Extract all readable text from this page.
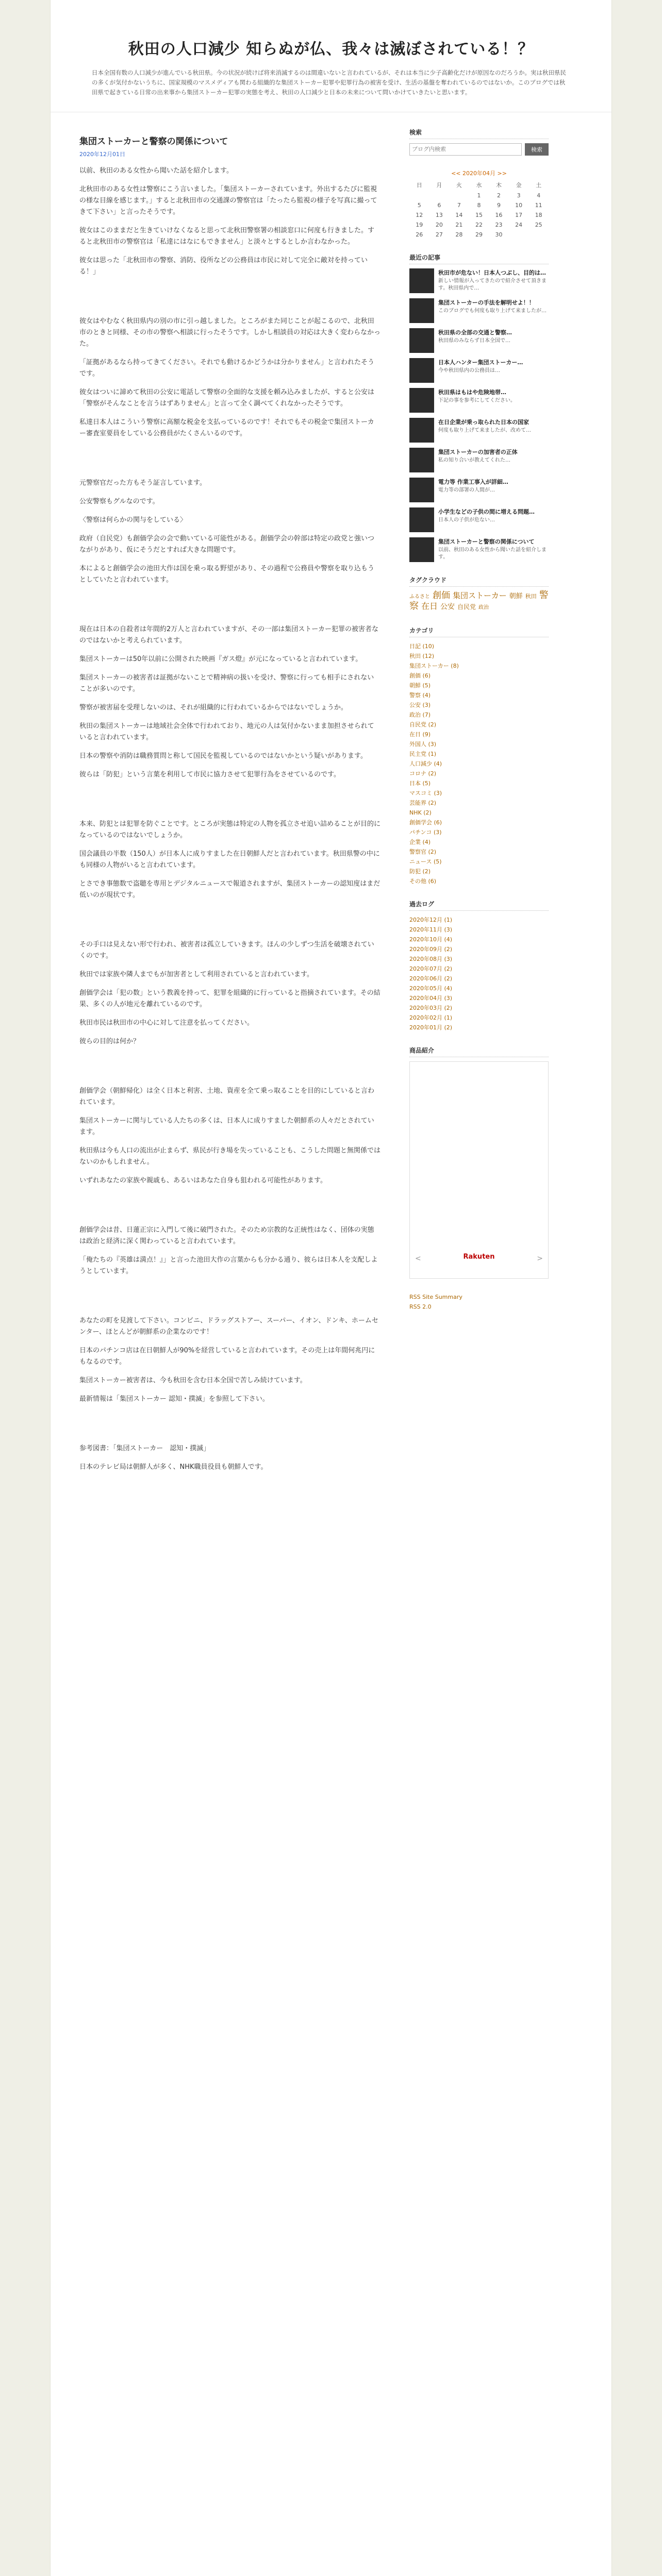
秋田の人口減少 知らぬが仏、我々は滅ぼされている！？

日本全国有数の人口減少が進んでいる秋田県。今の状況が続けば将来消滅するのは間違いないと言われているが、それは本当に少子高齢化だけが原因なのだろうか。実は秋田県民の多くが気付かないうちに、国家規模のマスメディアも関わる組織的な集団ストーカー犯罪や犯罪行為の被害を受け、生活の基盤を奪われているのではないか。このブログでは秋田県で起きている日常の出来事から集団ストーカー犯罪の実態を考え、秋田の人口減少と日本の未来について問いかけていきたいと思います。

集団ストーカーと警察の関係について
2020年12月01日

以前、秋田のある女性から聞いた話を紹介します。

北秋田市のある女性は警察にこう言いました。「集団ストーカーされています。外出するたびに監視の様な目線を感じます。」すると北秋田市の交通課の警察官は「たったら監視の様子を写真に撮ってきて下さい」と言ったそうです。

彼女はこのままだと生きていけなくなると思って北秋田警察署の相談窓口に何度も行きました。すると北秋田市の警察官は「私達にはなにもできません」と淡々とするとしか言わなかった。

彼女は思った「北秋田市の警察、消防、役所などの公務員は市民に対して完全に敵対を持っている！」

彼女はやむなく秋田県内の別の市に引っ越しました。ところがまた同じことが起こるので、北秋田市のときと同様、その市の警察へ相談に行ったそうです。しかし相談員の対応は大きく変わらなかった。

「証拠があるなら持ってきてください。それでも動けるかどうかは分かりません」と言われたそうです。

彼女はついに諦めて秋田の公安に電話して警察の全面的な支援を頼み込みましたが、すると公安は「警察がそんなことを言うはずありません」と言って全く調べてくれなかったそうです。

私達日本人はこういう警察に高額な税金を支払っているのです！それでもその税金で集団ストーカー審査室要員をしている公務員がたくさんいるのです。

元警察官だった方もそう証言しています。

公安警察もグルなのです。

〈警察は何らかの関与をしている〉

政府（自民党）も創価学会の会で動いている可能性がある。創価学会の幹部は特定の政党と強いつながりがあり、仮にそうだとすれば大きな問題です。

本によると創価学会の池田大作は国を乗っ取る野望があり、その過程で公務員や警察を取り込もうとしていたと言われています。

現在は日本の自殺者は年間約2万人と言われていますが、その一部は集団ストーカー犯罪の被害者なのではないかと考えられています。

集団ストーカーは50年以前に公開された映画『ガス燈』が元になっていると言われています。

集団ストーカーの被害者は証拠がないことで精神病の扱いを受け、警察に行っても相手にされないことが多いのです。

警察が被害届を受理しないのは、それが組織的に行われているからではないでしょうか。

秋田の集団ストーカーは地域社会全体で行われており、地元の人は気付かないまま加担させられていると言われています。

日本の警察や消防は職務質問と称して国民を監視しているのではないかという疑いがあります。

彼らは「防犯」という言葉を利用して市民に協力させて犯罪行為をさせているのです。

本来、防犯とは犯罪を防ぐことです。ところが実態は特定の人物を孤立させ追い詰めることが目的になっているのではないでしょうか。

国会議員の半数（150人）が日本人に成りすました在日朝鮮人だと言われています。秋田県警の中にも同様の人物がいると言われています。

とさでき事態数で盗聴を専用とデジタルニュースで報道されますが、集団ストーカーの認知度はまだ低いのが現状です。

その手口は見えない形で行われ、被害者は孤立していきます。ほんの少しずつ生活を破壊されていくのです。

秋田では家族や隣人までもが加害者として利用されていると言われています。

創価学会は「犯の数」という教義を持って、犯罪を組織的に行っていると指摘されています。その結果、多くの人が地元を離れているのです。

秋田市民は秋田市の中心に対して注意を払ってください。

彼らの目的は何か？

創価学会（朝鮮帰化）は全く日本と利害、土地、資産を全て乗っ取ることを目的にしていると言われています。

集団ストーカーに関与している人たちの多くは、日本人に成りすました朝鮮系の人々だとされています。

秋田県は今も人口の流出が止まらず、県民が行き場を失っていることも、こうした問題と無関係ではないのかもしれません。

いずれあなたの家族や親戚も、あるいはあなた自身も狙われる可能性があります。

創価学会は昔、日蓮正宗に入門して後に破門された。そのため宗教的な正統性はなく、団体の実態は政治と経済に深く関わっていると言われています。

「俺たちの『英雄は満点！』」と言った池田大作の言葉からも分かる通り、彼らは日本人を支配しようとしています。

あなたの町を見渡して下さい。コンビニ、ドラッグストアー、スーパー、イオン、ドンキ、ホームセンター、ほとんどが朝鮮系の企業なのです！

日本のパチンコ店は在日朝鮮人が90%を経営していると言われています。その売上は年間何兆円にもなるのです。

集団ストーカー被害者は、今も秋田を含む日本全国で苦しみ続けています。

最新情報は「集団ストーカー 認知・撲滅」を参照して下さい。

参考図書：「集団ストーカー　認知・撲滅」

日本のテレビ局は朝鮮人が多く、NHK職員役員も朝鮮人です。

検索
ブログ内検索
検索
<< 2020年04月 >>
日	月	火	水	木	金	土
			1	2	3	4
5	6	7	8	9	10	11
12	13	14	15	16	17	18
19	20	21	22	23	24	25
26	27	28	29	30		
最近の記事
秋田市が危ない！日本人つぶし、目的は…
新しい情報が入ってきたので紹介させて頂きます。秋田県内で…
集団ストーカーの手法を解明せよ！！
このブログでも何度も取り上げて来ましたが…
秋田県の全部の交通と警察…
秋田県のみならず日本全国で…
日本人ハンター集団ストーカー…
今や秋田県内の公務員は…
秋田県はもはや危険地帯…
下記の事を参考にしてください。
在日企業が乗っ取られた日本の国家
何度も取り上げて来ましたが、改めて…
集団ストーカーの加害者の正体
私の知り合いが教えてくれた…
電力等 作業工事入が詳細…
電力等の部署の人間が…
小学生などの子供の間に増える問題…
日本人の子供が危ない…
集団ストーカーと警察の関係について
以前、秋田のある女性から聞いた話を紹介します。
タグクラウド
ふるさと 創価 集団ストーカー 朝鮮 秋田 警察 在日 公安 自民党 政治
カテゴリ
日記 (10)
秋田 (12)
集団ストーカー (8)
創価 (6)
朝鮮 (5)
警察 (4)
公安 (3)
政治 (7)
自民党 (2)
在日 (9)
外国人 (3)
民主党 (1)
人口減少 (4)
コロナ (2)
日本 (5)
マスコミ (3)
芸能界 (2)
NHK (2)
創価学会 (6)
パチンコ (3)
企業 (4)
警察官 (2)
ニュース (5)
防犯 (2)
その他 (6)
過去ログ
2020年12月 (1)
2020年11月 (3)
2020年10月 (4)
2020年09月 (2)
2020年08月 (3)
2020年07月 (2)
2020年06月 (2)
2020年05月 (4)
2020年04月 (3)
2020年03月 (2)
2020年02月 (1)
2020年01月 (2)
商品紹介
<	>
Rakuten
RSS Site Summary
RSS 2.0
